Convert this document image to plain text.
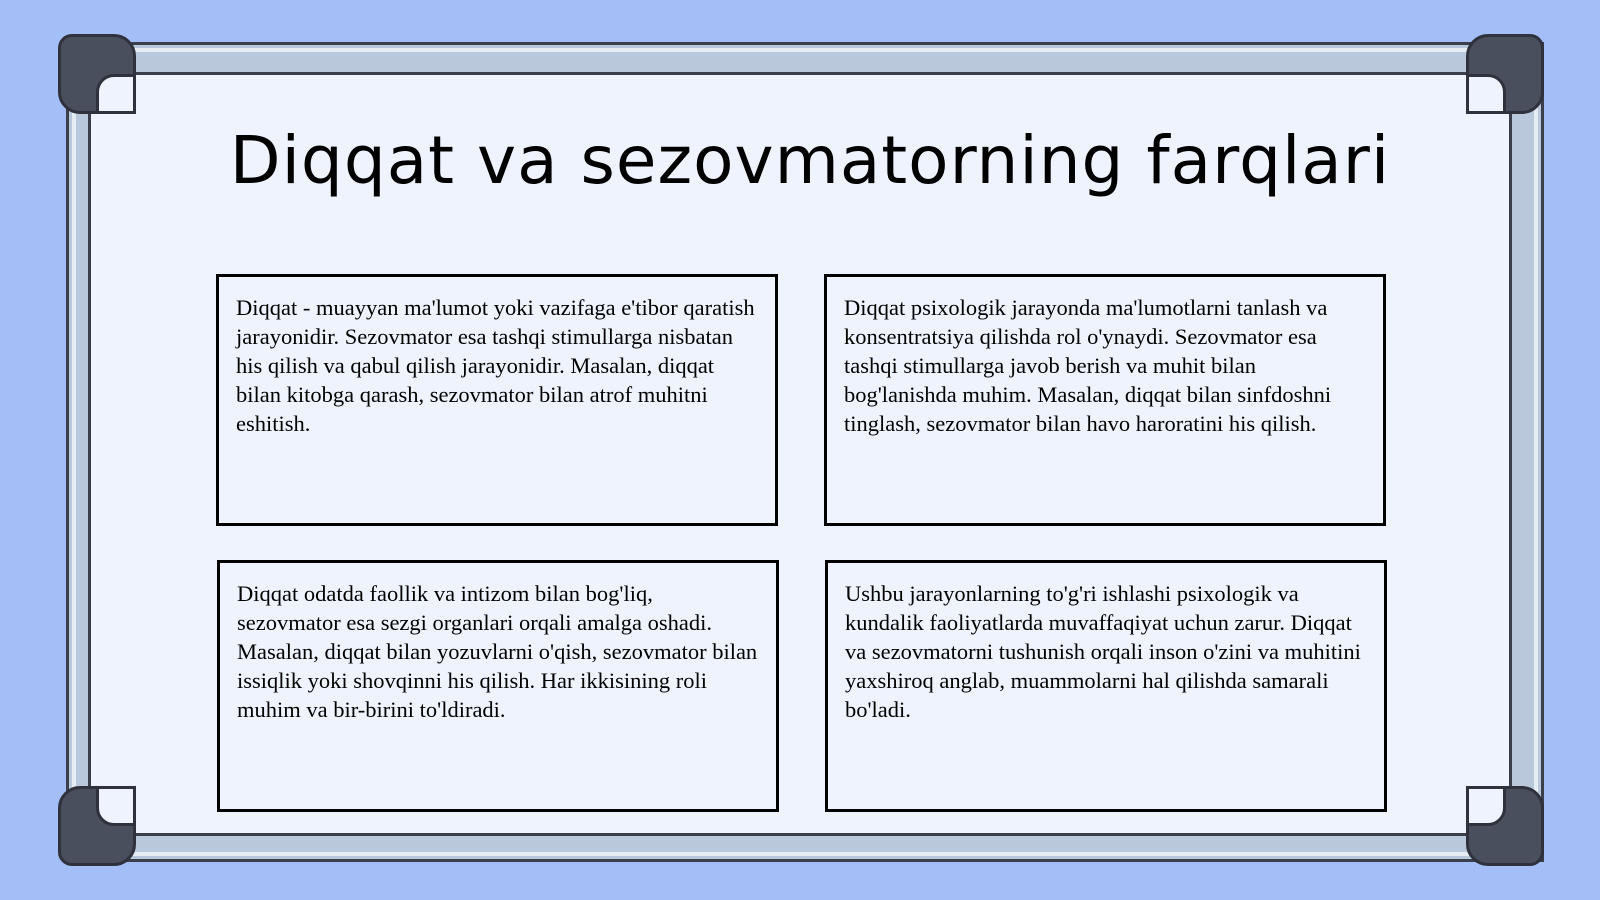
Diqqat va sezovmatorning farqlari
Diqqat - muayyan ma'lumot yoki vazifaga e'tibor qaratish jarayonidir. Sezovmator esa tashqi stimullarga nisbatan his qilish va qabul qilish jarayonidir. Masalan, diqqat bilan kitobga qarash, sezovmator bilan atrof muhitni eshitish.
Diqqat psixologik jarayonda ma'lumotlarni tanlash va konsentratsiya qilishda rol o'ynaydi. Sezovmator esa tashqi stimullarga javob berish va muhit bilan bog'lanishda muhim. Masalan, diqqat bilan sinfdoshni tinglash, sezovmator bilan havo haroratini his qilish.
Diqqat odatda faollik va intizom bilan bog'liq, sezovmator esa sezgi organlari orqali amalga oshadi. Masalan, diqqat bilan yozuvlarni o'qish, sezovmator bilan issiqlik yoki shovqinni his qilish. Har ikkisining roli muhim va bir-birini to'ldiradi.
Ushbu jarayonlarning to'g'ri ishlashi psixologik va kundalik faoliyatlarda muvaffaqiyat uchun zarur. Diqqat va sezovmatorni tushunish orqali inson o'zini va muhitini yaxshiroq anglab, muammolarni hal qilishda samarali bo'ladi.
